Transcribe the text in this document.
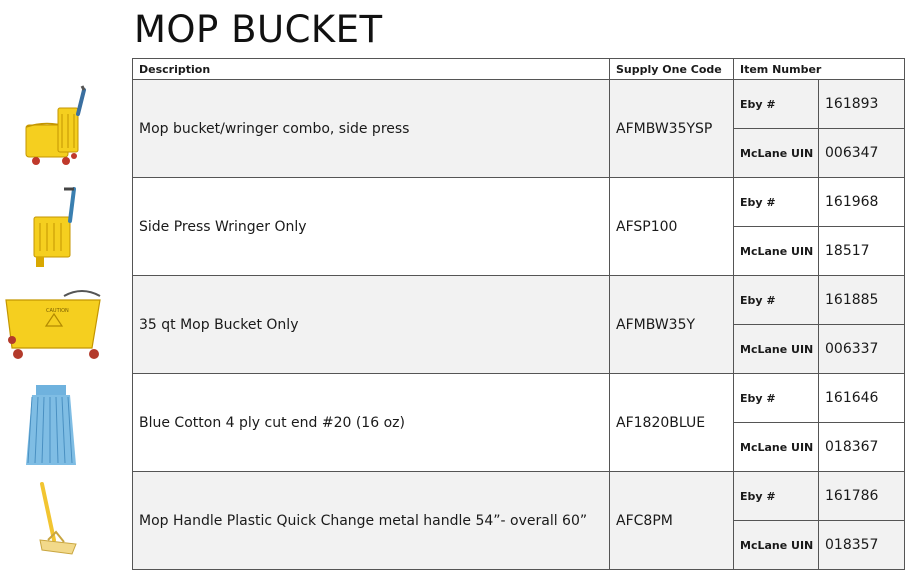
MOP BUCKET
CAUTION
Description	Supply One Code	Item Number	
Mop bucket/wringer combo, side press	AFMBW35YSP	Eby #	161893
		McLane UIN	006347
Side Press Wringer Only	AFSP100	Eby #	161968
		McLane UIN	18517
35 qt Mop Bucket Only	AFMBW35Y	Eby #	161885
		McLane UIN	006337
Blue Cotton 4 ply cut end #20 (16 oz)	AF1820BLUE	Eby #	161646
		McLane UIN	018367
Mop Handle Plastic Quick Change metal handle 54”- overall 60”	AFC8PM	Eby #	161786
		McLane UIN	018357
